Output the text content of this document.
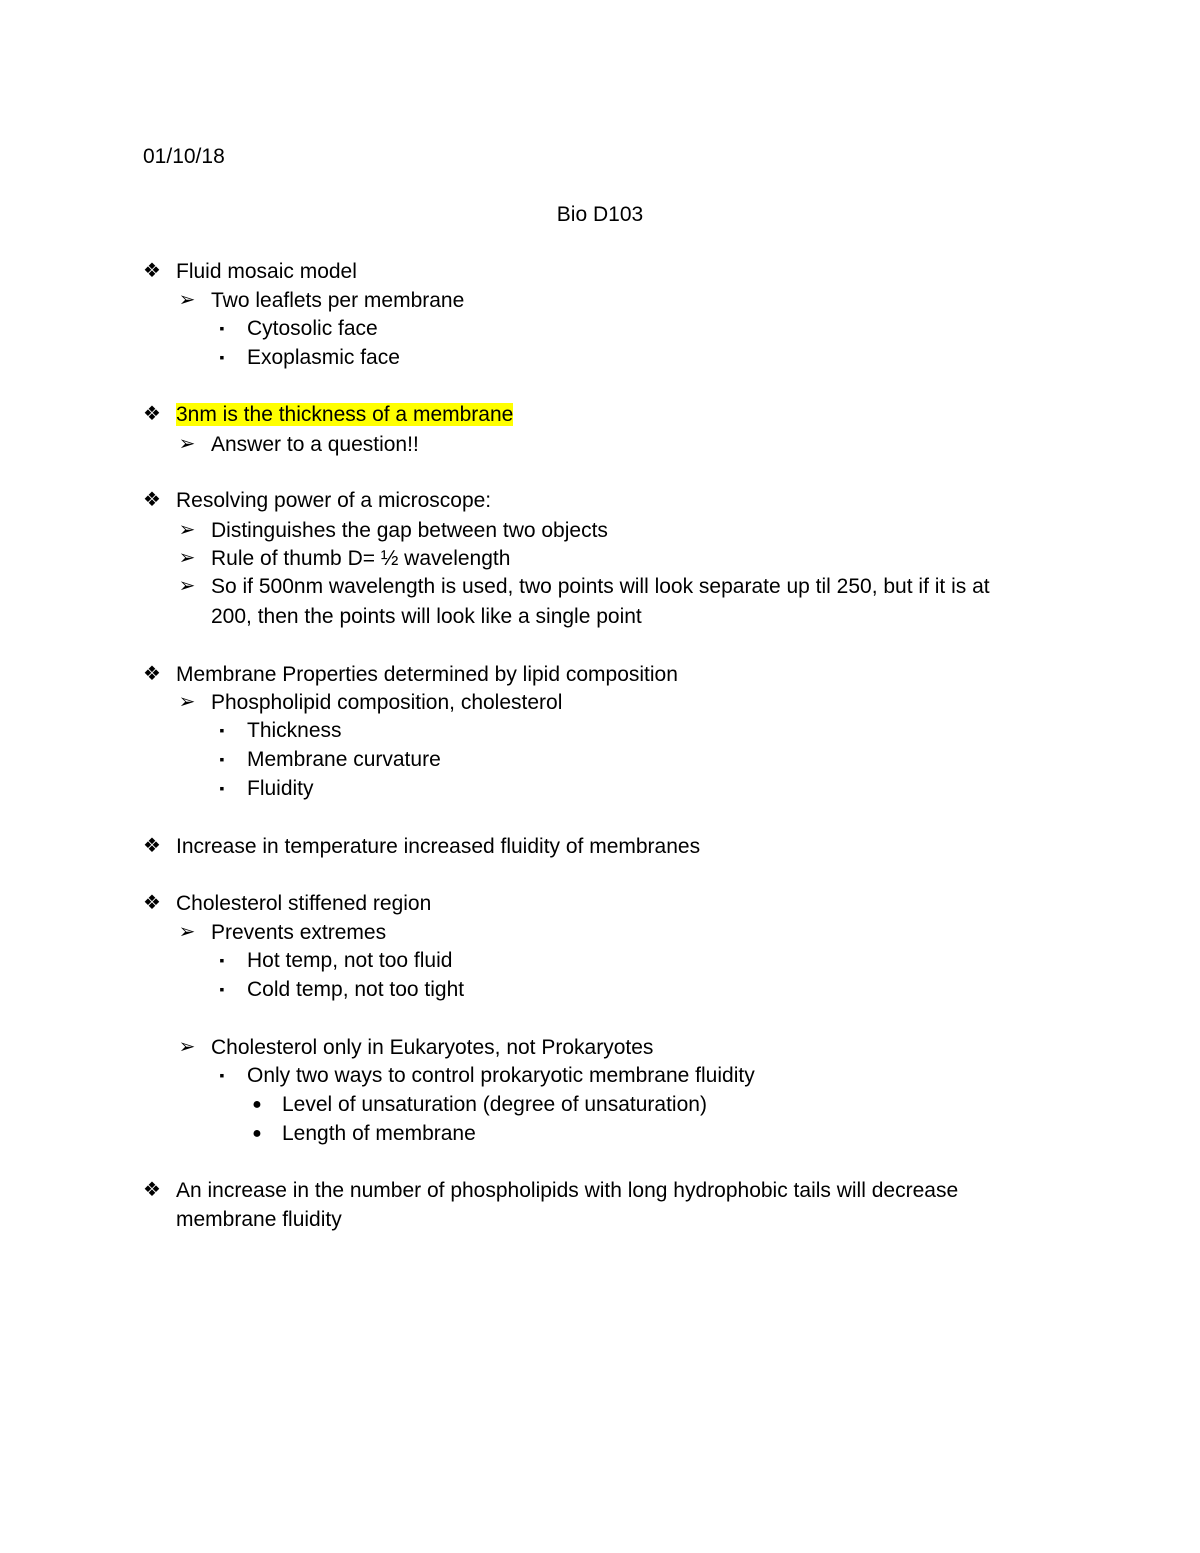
01/10/18
Bio D103
❖ Fluid mosaic model
➢ Two leaflets per membrane
▪	Cytosolic face
▪	Exoplasmic face
❖ 3nm is the thickness of a membrane
➢ Answer to a question!!
❖ Resolving power of a microscope:
➢ Distinguishes the gap between two objects
➢ Rule of thumb D= ½ wavelength
➢ So if 500nm wavelength is used, two points will look separate up til 250, but if it is at
200, then the points will look like a single point
❖ Membrane Properties determined by lipid composition
➢ Phospholipid composition, cholesterol
▪	Thickness
▪	Membrane curvature
▪	Fluidity
❖ Increase in temperature increased fluidity of membranes
❖ Cholesterol stiffened region
➢ Prevents extremes
▪	Hot temp, not too fluid
▪	Cold temp, not too tight
➢ Cholesterol only in Eukaryotes, not Prokaryotes
▪	Only two ways to control prokaryotic membrane fluidity
● Level of unsaturation (degree of unsaturation)
● Length of membrane
❖ An increase in the number of phospholipids with long hydrophobic tails will decrease
membrane fluidity
